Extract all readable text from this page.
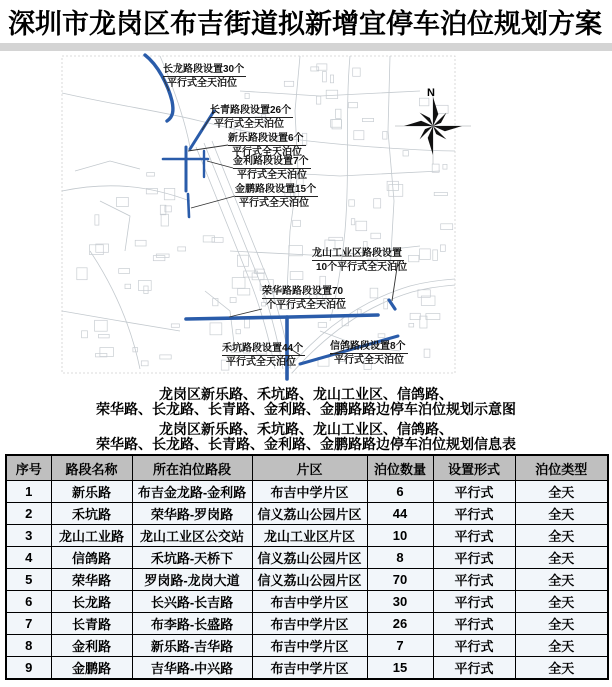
深圳市龙岗区布吉街道拟新增宜停车泊位规划方案
N
长龙路段设置30个
平行式全天泊位
长青路段设置26个
平行式全天泊位
新乐路段设置6个
平行式全天泊位
金利路段设置7个
平行式全天泊位
金鹏路段设置15个
平行式全天泊位
龙山工业区路段设置
10个平行式全天泊位
荣华路路段设置70
个平行式全天泊位
禾坑路段设置44个
平行式全天泊位
信鸽路段设置8个
平行式全天泊位
龙岗区新乐路、禾坑路、龙山工业区、信鸽路、
荣华路、长龙路、长青路、金利路、金鹏路路边停车泊位规划示意图
龙岗区新乐路、禾坑路、龙山工业区、信鸽路、
荣华路、长龙路、长青路、金利路、金鹏路路边停车泊位规划信息表
序号	路段名称	所在泊位路段	片区	泊位数量	设置形式	泊位类型
1	新乐路	布吉金龙路-金利路	布吉中学片区	6	平行式	全天
2	禾坑路	荣华路-罗岗路	信义荔山公园片区	44	平行式	全天
3	龙山工业路	龙山工业区公交站	龙山工业区片区	10	平行式	全天
4	信鸽路	禾坑路-天桥下	信义荔山公园片区	8	平行式	全天
5	荣华路	罗岗路-龙岗大道	信义荔山公园片区	70	平行式	全天
6	长龙路	长兴路-长吉路	布吉中学片区	30	平行式	全天
7	长青路	布李路-长盛路	布吉中学片区	26	平行式	全天
8	金利路	新乐路-吉华路	布吉中学片区	7	平行式	全天
9	金鹏路	吉华路-中兴路	布吉中学片区	15	平行式	全天
